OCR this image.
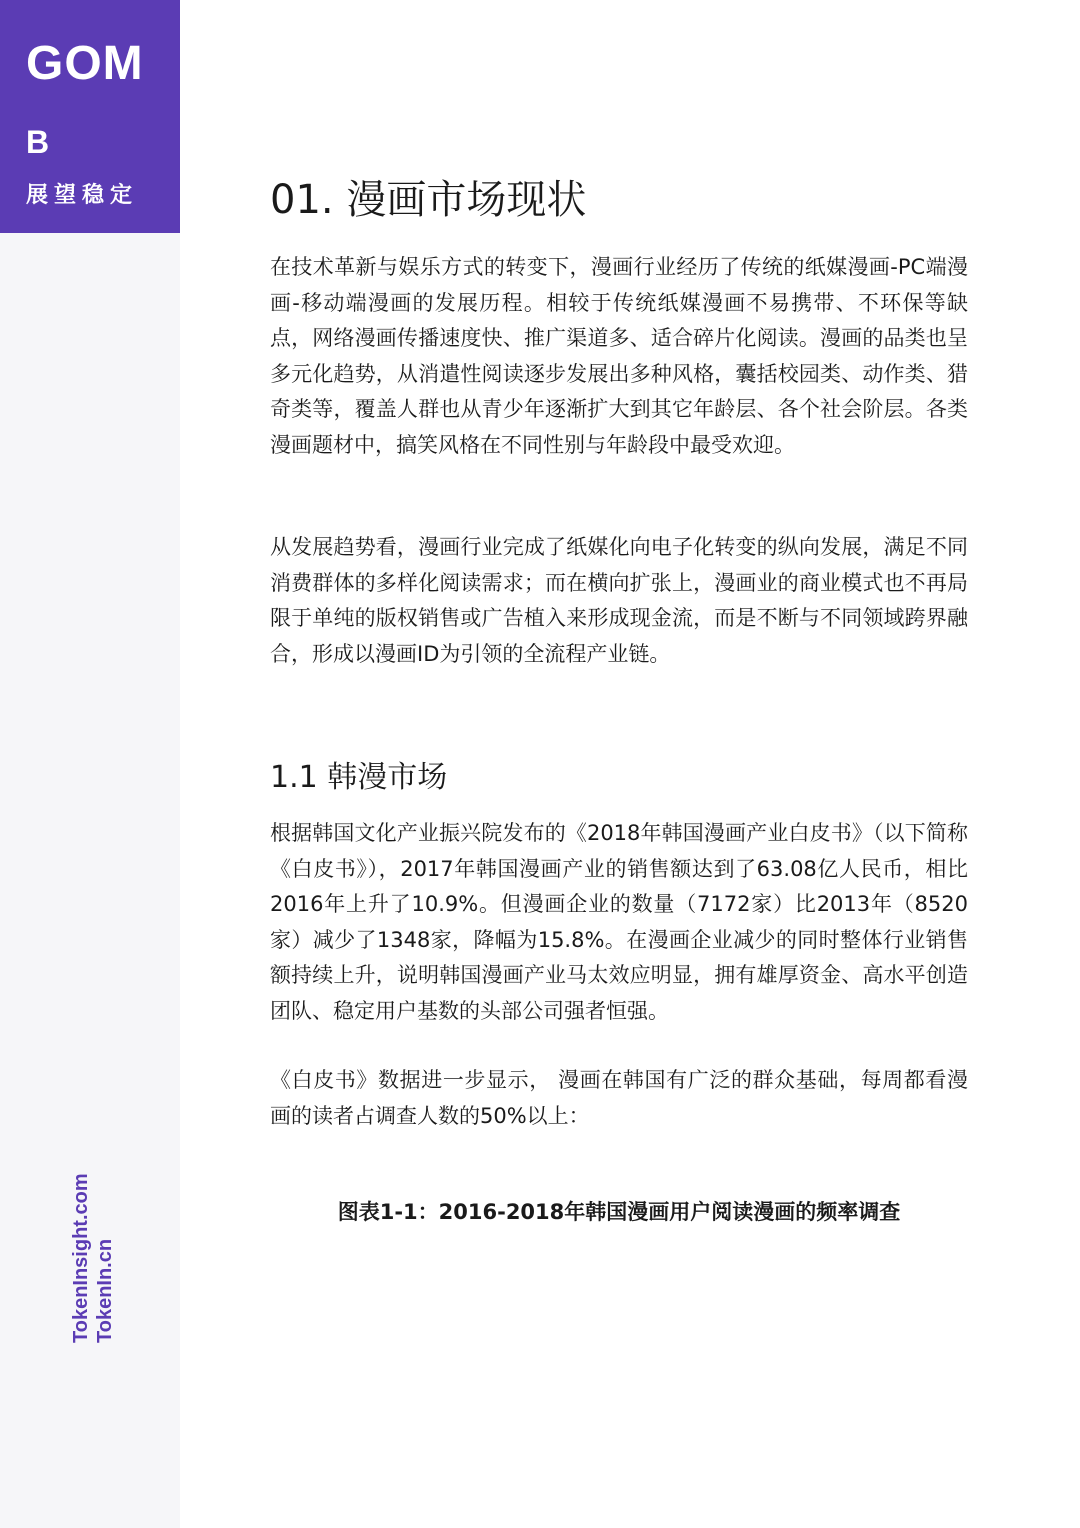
GOM
B
展望稳定
TokenInsight.com TokenIn.cn
01. 漫画市场现状
在技术革新与娱乐方式的转变下，漫画行业经历了传统的纸媒漫画-PC端漫画-移动端漫画的发展历程。相较于传统纸媒漫画不易携带、不环保等缺点，网络漫画传播速度快、推广渠道多、适合碎片化阅读。漫画的品类也呈多元化趋势，从消遣性阅读逐步发展出多种风格，囊括校园类、动作类、猎奇类等，覆盖人群也从青少年逐渐扩大到其它年龄层、各个社会阶层。各类漫画题材中，搞笑风格在不同性别与年龄段中最受欢迎。
从发展趋势看，漫画行业完成了纸媒化向电子化转变的纵向发展，满足不同消费群体的多样化阅读需求；而在横向扩张上，漫画业的商业模式也不再局限于单纯的版权销售或广告植入来形成现金流，而是不断与不同领域跨界融合，形成以漫画ID为引领的全流程产业链。
1.1 韩漫市场
根据韩国文化产业振兴院发布的《2018年韩国漫画产业白皮书》（以下简称《白皮书》），2017年韩国漫画产业的销售额达到了63.08亿人民币，相比2016年上升了10.9%。但漫画企业的数量（7172家）比2013年（8520家）减少了1348家，降幅为15.8%。在漫画企业减少的同时整体行业销售额持续上升，说明韩国漫画产业马太效应明显，拥有雄厚资金、高水平创造团队、稳定用户基数的头部公司强者恒强。
《白皮书》数据进一步显示， 漫画在韩国有广泛的群众基础，每周都看漫画的读者占调查人数的50%以上：
图表1-1：2016-2018年韩国漫画用户阅读漫画的频率调查
